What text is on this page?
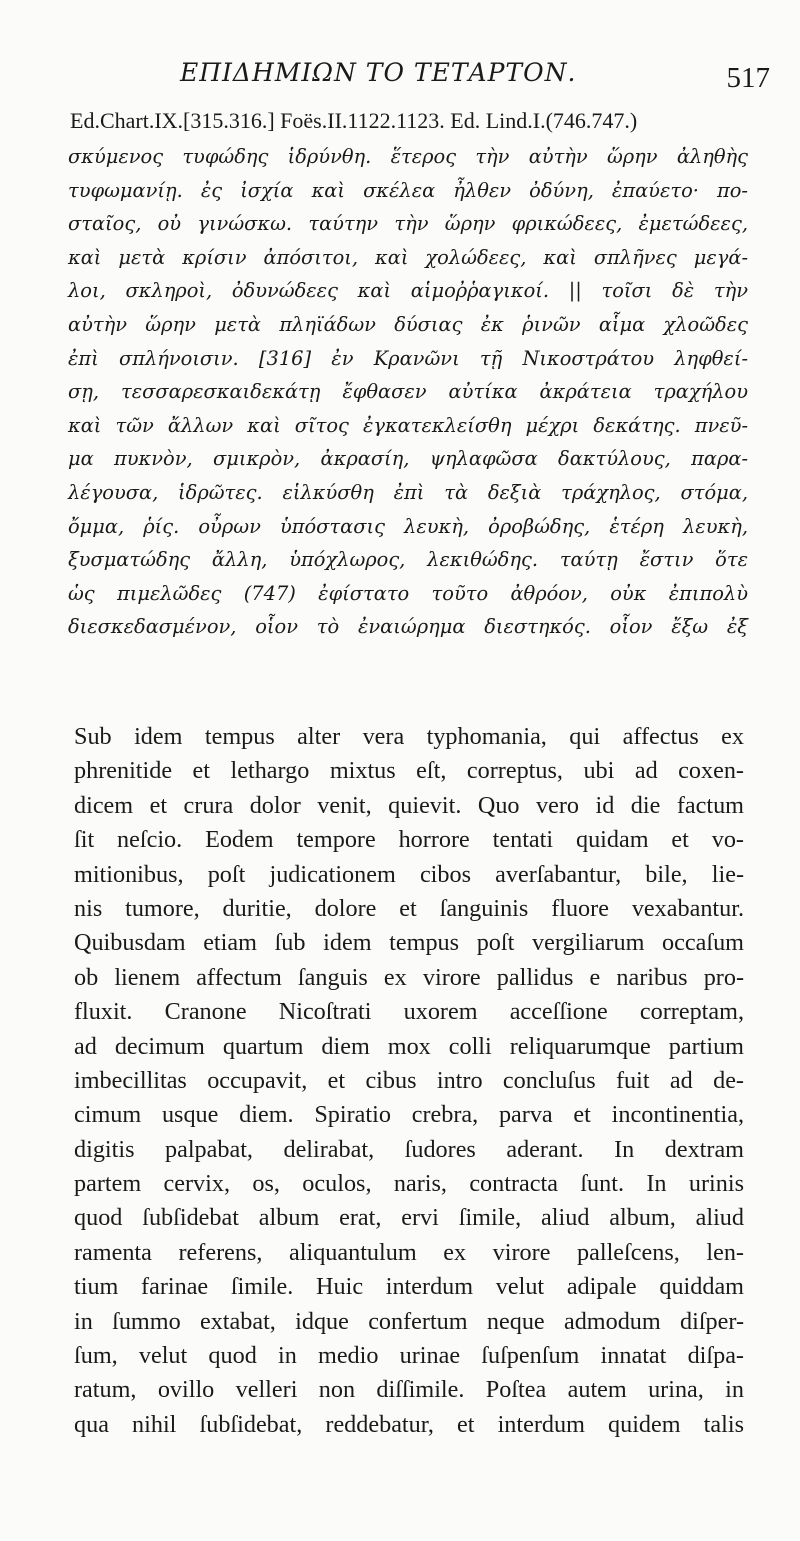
ΕΠΙΔΗΜΙΩΝ ΤΟ ΤΕΤΑΡΤΟΝ.	517
Ed.Chart.IX.[315.316.] Foës.II.1122.1123. Ed. Lind.I.(746.747.)
σκύμενος τυφώδης ἱδρύνθη. ἕτερος τὴν αὐτὴν ὥρην ἀληθὴς
τυφωμανίῃ. ἐς ἰσχία καὶ σκέλεα ἦλθεν ὀδύνη, ἐπαύετο· πο-
σταῖος, οὐ γινώσκω. ταύτην τὴν ὥρην φρικώδεες, ἐμετώδεες,
καὶ μετὰ κρίσιν ἀπόσιτοι, καὶ χολώδεες, καὶ σπλῆνες μεγά-
λοι, σκληροὶ, ὀδυνώδεες καὶ αἱμοῤῥαγικοί. || τοῖσι δὲ τὴν
αὐτὴν ὥρην μετὰ πληϊάδων δύσιας ἐκ ῥινῶν αἷμα χλοῶδες
ἐπὶ σπλήνοισιν. [316] ἐν Κρανῶνι τῇ Νικοστράτου ληφθεί-
σῃ, τεσσαρεσκαιδεκάτῃ ἔφθασεν αὐτίκα ἀκράτεια τραχήλου
καὶ τῶν ἄλλων καὶ σῖτος ἐγκατεκλείσθη μέχρι δεκάτης. πνεῦ-
μα πυκνὸν, σμικρὸν, ἀκρασίη, ψηλαφῶσα δακτύλους, παρα-
λέγουσα, ἱδρῶτες. εἱλκύσθη ἐπὶ τὰ δεξιὰ τράχηλος, στόμα,
ὄμμα, ῥίς. οὖρων ὑπόστασις λευκὴ, ὀροβώδης, ἑτέρη λευκὴ,
ξυσματώδης ἄλλη, ὑπόχλωρος, λεκιθώδης. ταύτῃ ἔστιν ὅτε
ὡς πιμελῶδες (747) ἐφίστατο τοῦτο ἀθρόον, οὐκ ἐπιπολὺ
διεσκεδασμένον, οἷον τὸ ἐναιώρημα διεστηκός. οἷον ἔξω ἐξ
Sub idem tempus alter vera typhomania, qui affectus ex
phrenitide et lethargo mixtus eſt, correptus, ubi ad coxen-
dicem et crura dolor venit, quievit. Quo vero id die factum
ſit neſcio. Eodem tempore horrore tentati quidam et vo-
mitionibus, poſt judicationem cibos averſabantur, bile, lie-
nis tumore, duritie, dolore et ſanguinis fluore vexabantur.
Quibusdam etiam ſub idem tempus poſt vergiliarum occaſum
ob lienem affectum ſanguis ex virore pallidus e naribus pro-
fluxit. Cranone Nicoſtrati uxorem acceſſione correptam,
ad decimum quartum diem mox colli reliquarumque partium
imbecillitas occupavit, et cibus intro concluſus fuit ad de-
cimum usque diem. Spiratio crebra, parva et incontinentia,
digitis palpabat, delirabat, ſudores aderant. In dextram
partem cervix, os, oculos, naris, contracta ſunt. In urinis
quod ſubſidebat album erat, ervi ſimile, aliud album, aliud
ramenta referens, aliquantulum ex virore palleſcens, len-
tium farinae ſimile. Huic interdum velut adipale quiddam
in ſummo extabat, idque confertum neque admodum diſper-
ſum, velut quod in medio urinae ſuſpenſum innatat diſpa-
ratum, ovillo velleri non diſſimile. Poſtea autem urina, in
qua nihil ſubſidebat, reddebatur, et interdum quidem talis
